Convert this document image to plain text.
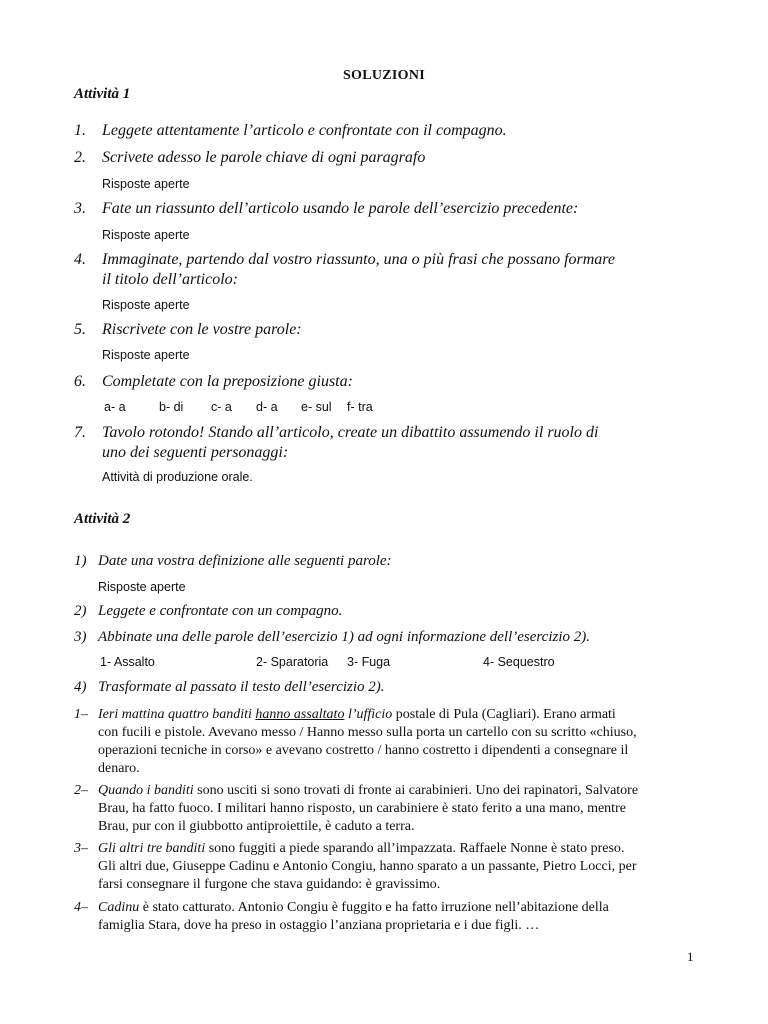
SOLUZIONI
Attività 1
1. Leggete attentamente l’articolo e confrontate con il compagno.
2. Scrivete adesso le parole chiave di ogni paragrafo
Risposte aperte
3. Fate un riassunto dell’articolo usando le parole dell’esercizio precedente:
Risposte aperte
4. Immaginate, partendo dal vostro riassunto, una o più frasi che possano formare
il titolo dell’articolo:
Risposte aperte
5. Riscrivete con le vostre parole:
Risposte aperte
6. Completate con la preposizione giusta:
a- a	b- di c- a d- a e- sul f- tra
7. Tavolo rotondo! Stando all’articolo, create un dibattito assumendo il ruolo di
uno dei seguenti personaggi:
Attività di produzione orale.
Attività 2
1) Date una vostra definizione alle seguenti parole:
Risposte aperte
2) Leggete e confrontate con un compagno.
3) Abbinate una delle parole dell’esercizio 1) ad ogni informazione dell’esercizio 2).
1- Assalto	2- Sparatoria 3- Fuga	4- Sequestro
4) Trasformate al passato il testo dell’esercizio 2).
1– Ieri mattina quattro banditi hanno assaltato l’ufficio postale di Pula (Cagliari). Erano armati
con fucili e pistole. Avevano messo / Hanno messo sulla porta un cartello con su scritto «chiuso,
operazioni tecniche in corso» e avevano costretto / hanno costretto i dipendenti a consegnare il
denaro.
2– Quando i banditi sono usciti si sono trovati di fronte ai carabinieri. Uno dei rapinatori, Salvatore
Brau, ha fatto fuoco. I militari hanno risposto, un carabiniere è stato ferito a una mano, mentre
Brau, pur con il giubbotto antiproiettile, è caduto a terra.
3– Gli altri tre banditi sono fuggiti a piede sparando all’impazzata. Raffaele Nonne è stato preso.
Gli altri due, Giuseppe Cadinu e Antonio Congiu, hanno sparato a un passante, Pietro Locci, per
farsi consegnare il furgone che stava guidando: è gravissimo.
4– Cadinu è stato catturato. Antonio Congiu è fuggito e ha fatto irruzione nell’abitazione della
famiglia Stara, dove ha preso in ostaggio l’anziana proprietaria e i due figli. …
1
